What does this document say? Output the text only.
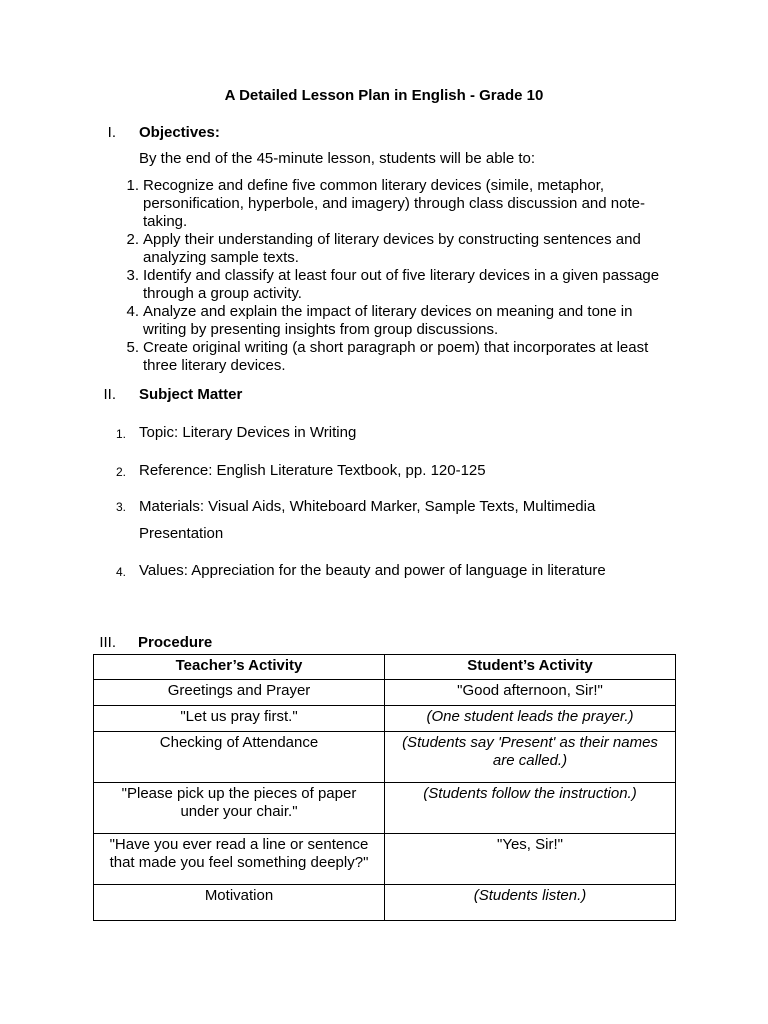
A Detailed Lesson Plan in English - Grade 10
I. Objectives:
By the end of the 45-minute lesson, students will be able to:
1. Recognize and define five common literary devices (simile, metaphor, personification, hyperbole, and imagery) through class discussion and note-taking.
2. Apply their understanding of literary devices by constructing sentences and analyzing sample texts.
3. Identify and classify at least four out of five literary devices in a given passage through a group activity.
4. Analyze and explain the impact of literary devices on meaning and tone in writing by presenting insights from group discussions.
5. Create original writing (a short paragraph or poem) that incorporates at least three literary devices.
II. Subject Matter
1. Topic: Literary Devices in Writing
2. Reference: English Literature Textbook, pp. 120-125
3. Materials: Visual Aids, Whiteboard Marker, Sample Texts, Multimedia Presentation
4. Values: Appreciation for the beauty and power of language in literature
III. Procedure
Teacher’s Activity	Student’s Activity
Greetings and Prayer	"Good afternoon, Sir!"
"Let us pray first."	(One student leads the prayer.)
Checking of Attendance	(Students say 'Present' as their names are called.)
"Please pick up the pieces of paper under your chair."	(Students follow the instruction.)
"Have you ever read a line or sentence that made you feel something deeply?"	"Yes, Sir!"
Motivation	(Students listen.)
